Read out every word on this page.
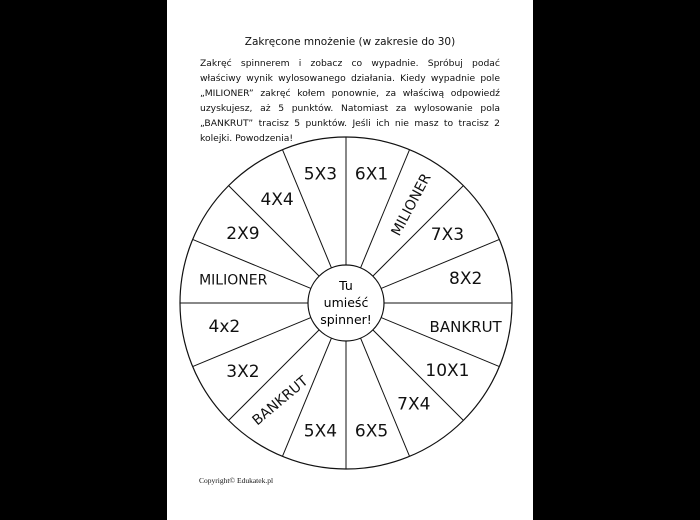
Zakręcone mnożenie (w zakresie do 30)
Zakręć spinnerem i zobacz co wypadnie. Spróbuj podać właściwy wynik wylosowanego działania. Kiedy wypadnie pole „MILIONER” zakręć kołem ponownie, za właściwą odpowiedź uzyskujesz, aż 5 punktów. Natomiast za wylosowanie pola „BANKRUT” tracisz 5 punktów. Jeśli ich nie masz to tracisz 2 kolejki. Powodzenia!
6X1 MILIONER
7X3
8X2
BANKRUT
10X1
7X4
6X5
5X4
BANKRUT
3X2
4x2
MILIONER
2X9
4X4
5X3
Tu
umieść
spinner!
Copyright© Edukatek.pl
